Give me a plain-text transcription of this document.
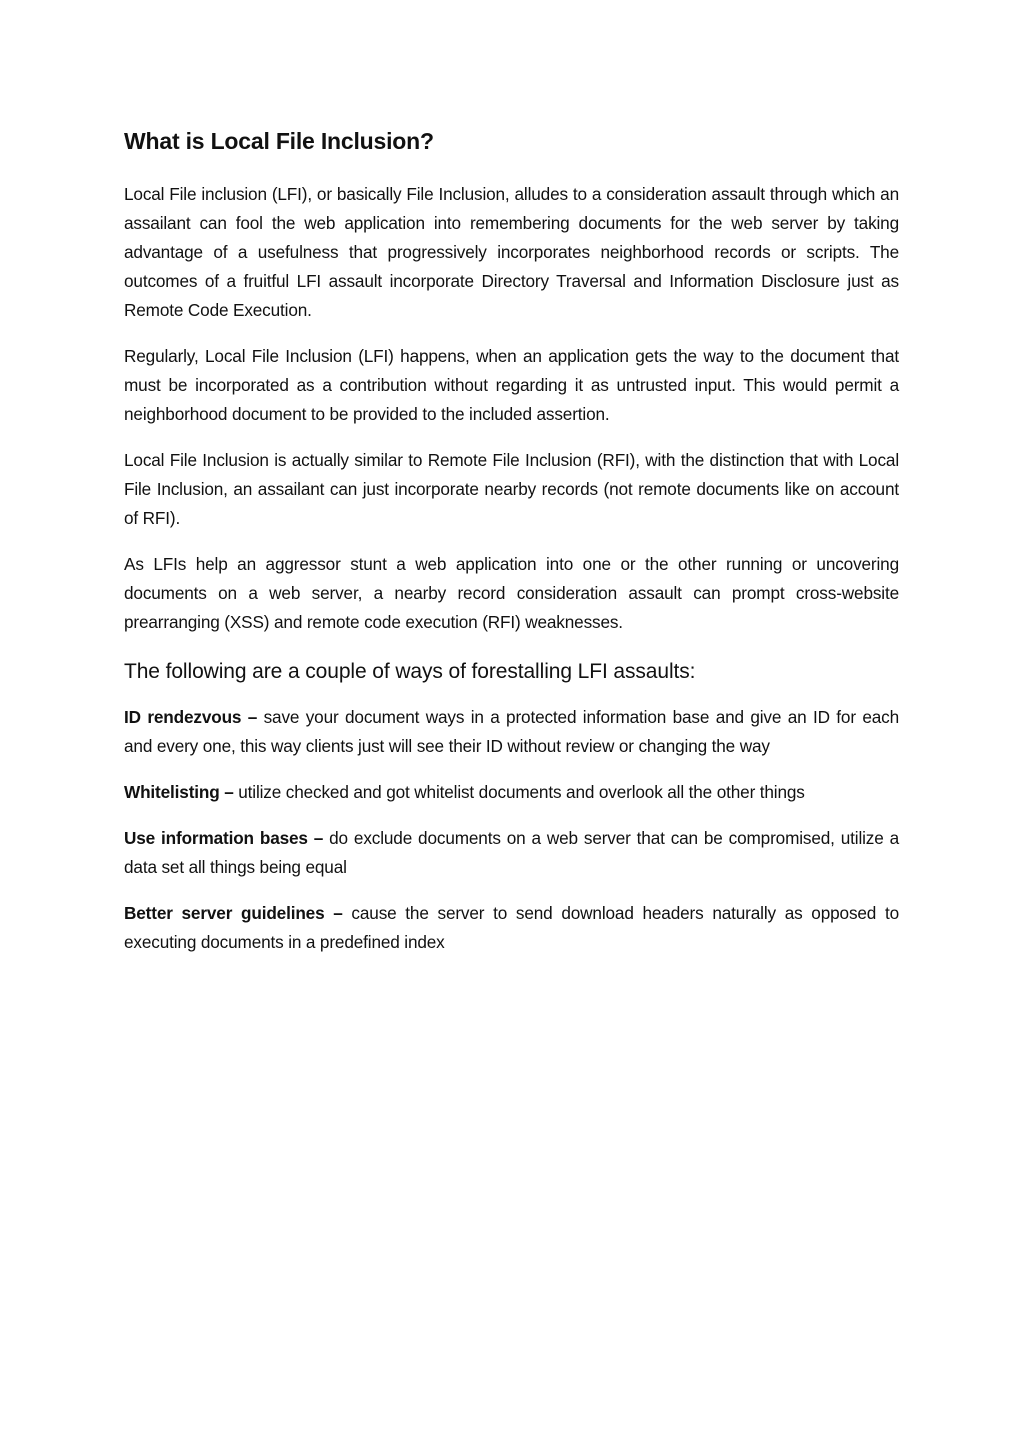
What is Local File Inclusion?

Local File inclusion (LFI), or basically File Inclusion, alludes to a consideration assault through which an assailant can fool the web application into remembering documents for the web server by taking advantage of a usefulness that progressively incorporates neighborhood records or scripts. The outcomes of a fruitful LFI assault incorporate Directory Traversal and Information Disclosure just as Remote Code Execution.

Regularly, Local File Inclusion (LFI) happens, when an application gets the way to the document that must be incorporated as a contribution without regarding it as untrusted input. This would permit a neighborhood document to be provided to the included assertion.

Local File Inclusion is actually similar to Remote File Inclusion (RFI), with the distinction that with Local File Inclusion, an assailant can just incorporate nearby records (not remote documents like on account of RFI).

As LFIs help an aggressor stunt a web application into one or the other running or uncovering documents on a web server, a nearby record consideration assault can prompt cross-website prearranging (XSS) and remote code execution (RFI) weaknesses.

The following are a couple of ways of forestalling LFI assaults:

ID rendezvous – save your document ways in a protected information base and give an ID for each and every one, this way clients just will see their ID without review or changing the way

Whitelisting – utilize checked and got whitelist documents and overlook all the other things

Use information bases – do exclude documents on a web server that can be compromised, utilize a data set all things being equal

Better server guidelines – cause the server to send download headers naturally as opposed to executing documents in a predefined index
